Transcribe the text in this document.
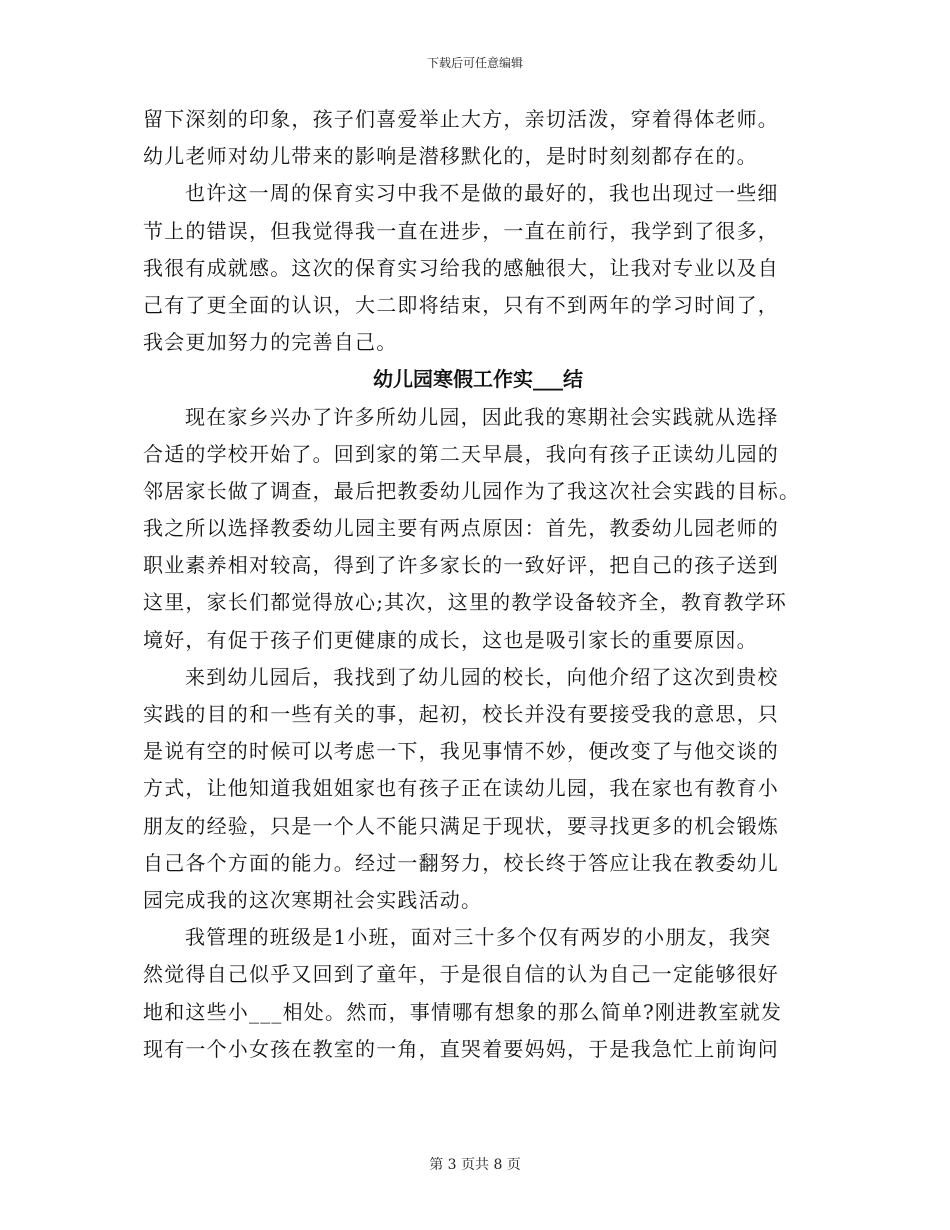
下载后可任意编辑
留下深刻的印象，孩子们喜爱举止大方，亲切活泼，穿着得体老师。
幼儿老师对幼儿带来的影响是潜移默化的，是时时刻刻都存在的。
也许这一周的保育实习中我不是做的最好的，我也出现过一些细
节上的错误，但我觉得我一直在进步，一直在前行，我学到了很多，
我很有成就感。这次的保育实习给我的感触很大，让我对专业以及自
己有了更全面的认识，大二即将结束，只有不到两年的学习时间了，
我会更加努力的完善自己。
幼儿园寒假工作实___结
现在家乡兴办了许多所幼儿园，因此我的寒期社会实践就从选择
合适的学校开始了。回到家的第二天早晨，我向有孩子正读幼儿园的
邻居家长做了调查，最后把教委幼儿园作为了我这次社会实践的目标。
我之所以选择教委幼儿园主要有两点原因：首先，教委幼儿园老师的
职业素养相对较高，得到了许多家长的一致好评，把自己的孩子送到
这里，家长们都觉得放心;其次，这里的教学设备较齐全，教育教学环
境好，有促于孩子们更健康的成长，这也是吸引家长的重要原因。
来到幼儿园后，我找到了幼儿园的校长，向他介绍了这次到贵校
实践的目的和一些有关的事，起初，校长并没有要接受我的意思，只
是说有空的时候可以考虑一下，我见事情不妙，便改变了与他交谈的
方式，让他知道我姐姐家也有孩子正在读幼儿园，我在家也有教育小
朋友的经验，只是一个人不能只满足于现状，要寻找更多的机会锻炼
自己各个方面的能力。经过一翻努力，校长终于答应让我在教委幼儿
园完成我的这次寒期社会实践活动。
我管理的班级是1小班，面对三十多个仅有两岁的小朋友，我突
然觉得自己似乎又回到了童年，于是很自信的认为自己一定能够很好
地和这些小___相处。然而，事情哪有想象的那么简单?刚进教室就发
现有一个小女孩在教室的一角，直哭着要妈妈，于是我急忙上前询问
第 3 页共 8 页
